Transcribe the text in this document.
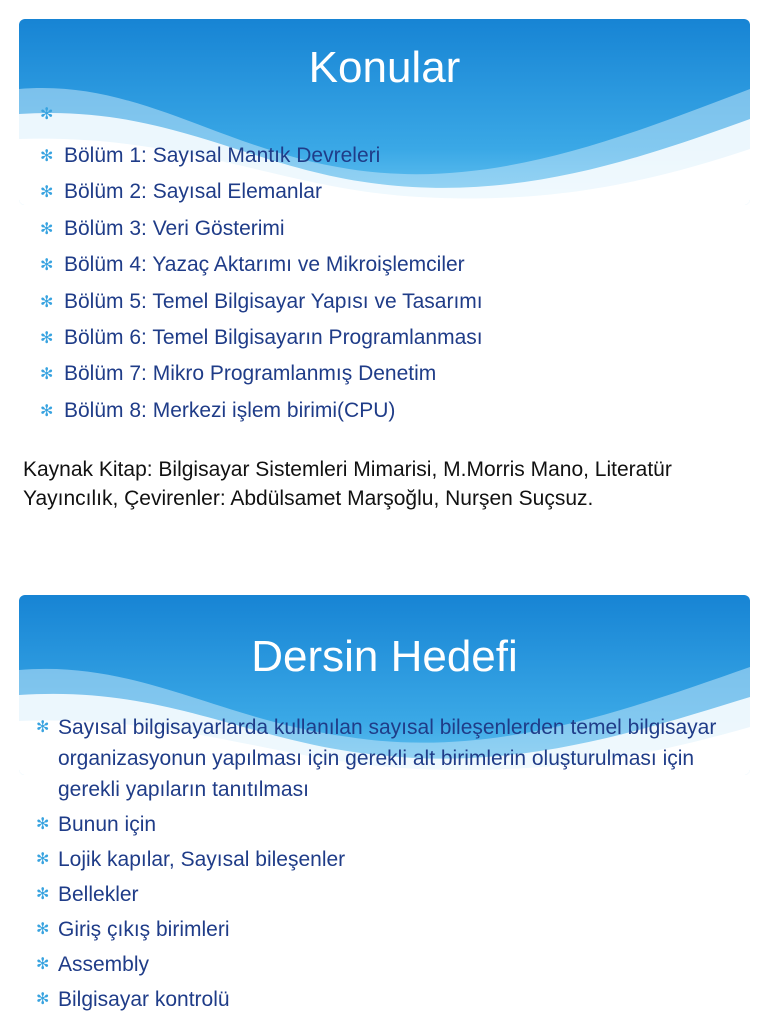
Konular
✻
✻ Bölüm 1: Sayısal Mantık Devreleri
✻ Bölüm 2: Sayısal Elemanlar
✻ Bölüm 3: Veri Gösterimi
✻ Bölüm 4: Yazaç Aktarımı ve Mikroişlemciler
✻ Bölüm 5: Temel Bilgisayar Yapısı ve Tasarımı
✻ Bölüm 6: Temel Bilgisayarın Programlanması
✻ Bölüm 7: Mikro Programlanmış Denetim
✻ Bölüm 8: Merkezi işlem birimi(CPU)

Kaynak Kitap: Bilgisayar Sistemleri Mimarisi, M.Morris Mano, Literatür Yayıncılık, Çevirenler: Abdülsamet Marşoğlu, Nurşen Suçsuz.

Dersin Hedefi
✻ Sayısal bilgisayarlarda kullanılan sayısal bileşenlerden temel bilgisayar organizasyonun yapılması için gerekli alt birimlerin oluşturulması için gerekli yapıların tanıtılması
✻ Bunun için
✻ Lojik kapılar, Sayısal bileşenler
✻ Bellekler
✻ Giriş çıkış birimleri
✻ Assembly
✻ Bilgisayar kontrolü
